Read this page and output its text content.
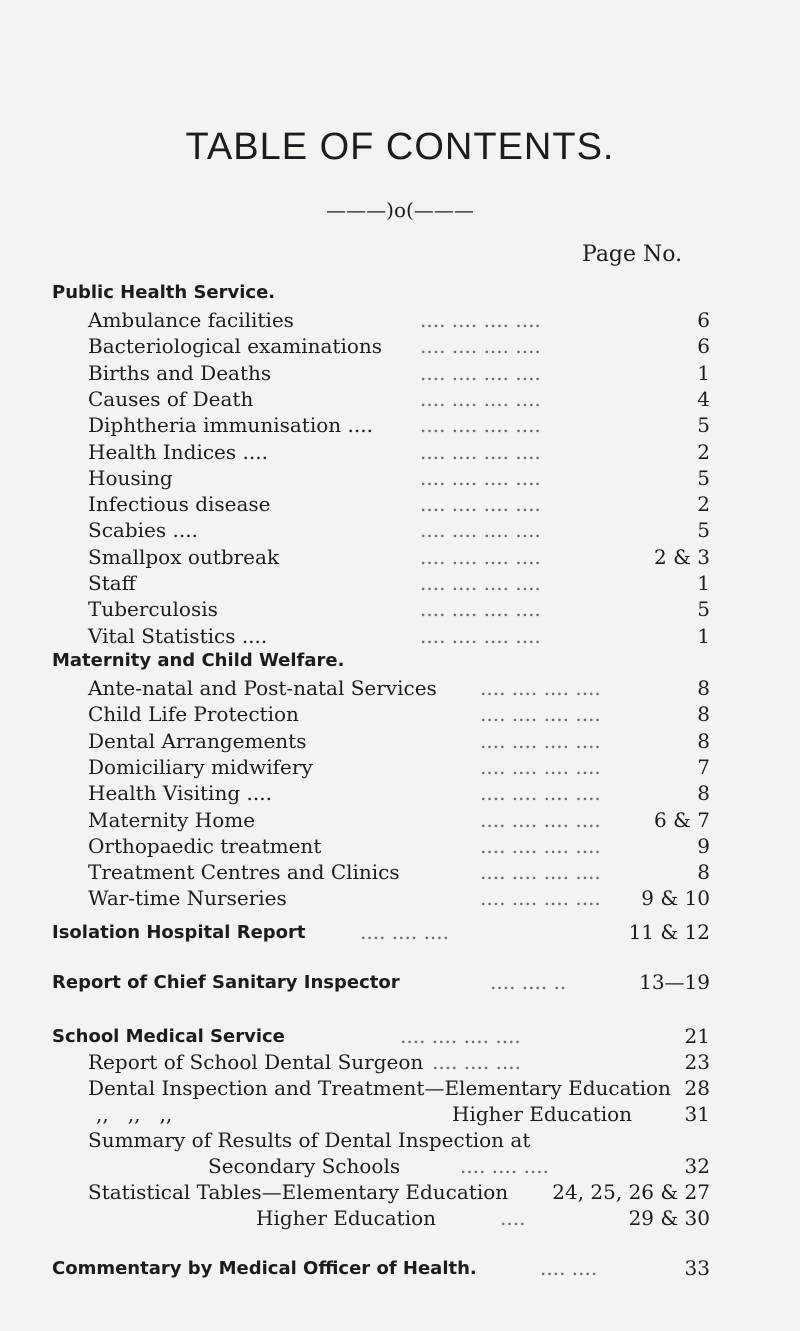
TABLE OF CONTENTS.
———)o(———
Page No.
Public Health Service.
Ambulance facilities	.... .... .... ....	6
Bacteriological examinations .... .... .... ....	6
Births and Deaths	.... .... .... ....	1
Causes of Death	.... .... .... ....	4
Diphtheria immunisation .... .... .... .... ....	5
Health Indices ....	.... .... .... ....	2
Housing	.... .... .... ....	5
Infectious disease	.... .... .... ....	2
Scabies ....	.... .... .... ....	5
Smallpox outbreak	.... .... .... ....	2 & 3
Staff	.... .... .... ....	1
Tuberculosis	.... .... .... ....	5
Vital Statistics ....	.... .... .... ....	1
Maternity and Child Welfare.
Ante-natal and Post-natal Services .... .... .... ....	8
Child Life Protection	.... .... .... ....	8
Dental Arrangements	.... .... .... ....	8
Domiciliary midwifery	.... .... .... ....	7
Health Visiting ....	.... .... .... ....	8
Maternity Home	.... .... .... ....	6 & 7
Orthopaedic treatment	.... .... .... ....	9
Treatment Centres and Clinics	.... .... .... ....	8
War-time Nurseries	.... .... .... ....	9 & 10
Isolation Hospital Report	.... .... ....	11 & 12
Report of Chief Sanitary Inspector	.... .... ..	13—19
School Medical Service	.... .... .... ....	21
Report of School Dental Surgeon .... .... ....	23
Dental Inspection and Treatment—Elementary Education 28
,,   ,,   ,,	Higher Education	31
Summary of Results of Dental Inspection at
Secondary Schools	.... .... ....	32
Statistical Tables—Elementary Education	24, 25, 26 & 27
Higher Education	....	29 & 30
Commentary by Medical Officer of Health.	.... ....	33
